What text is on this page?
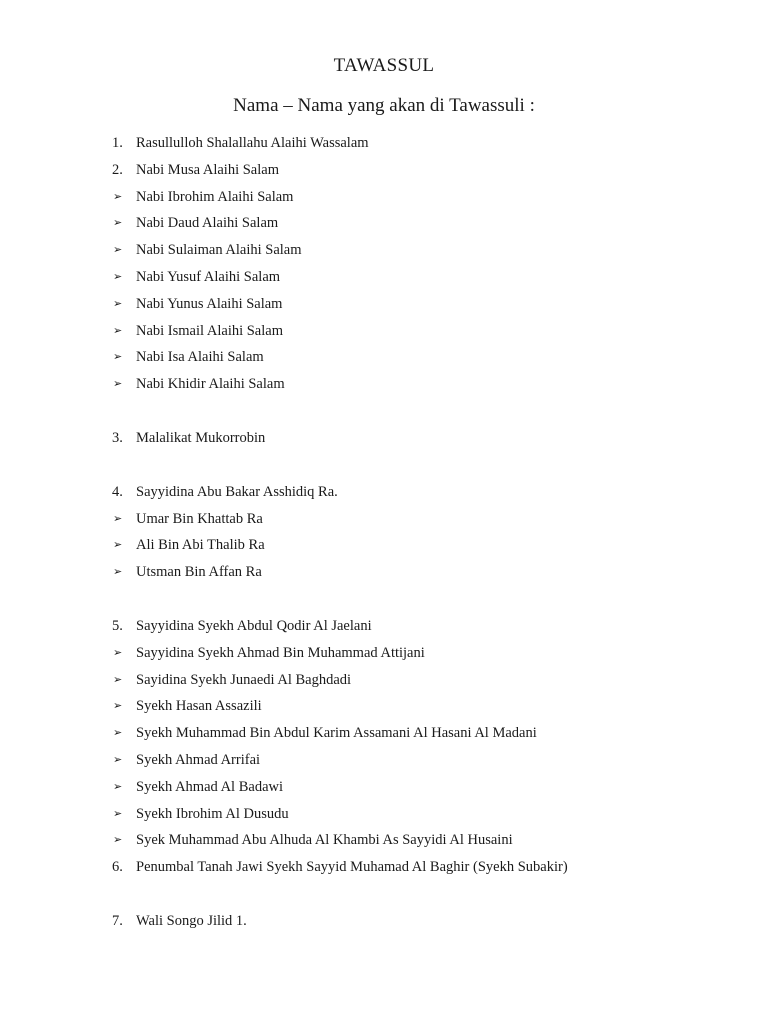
TAWASSUL
Nama – Nama yang akan di Tawassuli :
1. Rasullulloh Shalallahu Alaihi Wassalam
2. Nabi Musa Alaihi Salam
➢ Nabi Ibrohim Alaihi Salam
➢ Nabi Daud Alaihi Salam
➢ Nabi Sulaiman Alaihi Salam
➢ Nabi Yusuf Alaihi Salam
➢ Nabi Yunus Alaihi Salam
➢ Nabi Ismail Alaihi Salam
➢ Nabi Isa Alaihi Salam
➢ Nabi Khidir Alaihi Salam
3. Malalikat Mukorrobin
4. Sayyidina Abu Bakar Asshidiq Ra.
➢ Umar Bin Khattab Ra
➢ Ali Bin Abi Thalib Ra
➢ Utsman Bin Affan Ra
5. Sayyidina Syekh Abdul Qodir Al Jaelani
➢ Sayyidina Syekh Ahmad Bin Muhammad Attijani
➢ Sayidina Syekh Junaedi Al Baghdadi
➢ Syekh Hasan Assazili
➢ Syekh Muhammad Bin Abdul Karim Assamani Al Hasani Al Madani
➢ Syekh Ahmad Arrifai
➢ Syekh Ahmad Al Badawi
➢ Syekh Ibrohim Al Dusudu
➢ Syek Muhammad Abu Alhuda Al Khambi As Sayyidi Al Husaini
6. Penumbal Tanah Jawi Syekh Sayyid Muhamad Al Baghir (Syekh Subakir)
7. Wali Songo Jilid 1.
